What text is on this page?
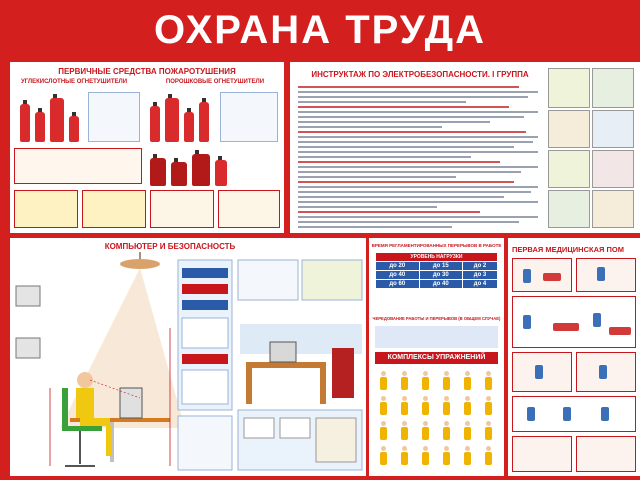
ОХРАНА ТРУДА
ПЕРВИЧНЫЕ СРЕДСТВА ПОЖАРОТУШЕНИЯ
УГЛЕКИСЛОТНЫЕ ОГНЕТУШИТЕЛИ	ПОРОШКОВЫЕ ОГНЕТУШИТЕЛИ
ИНСТРУКТАЖ ПО ЭЛЕКТРОБЕЗОПАСНОСТИ. I ГРУППА
КОМПЬЮТЕР И БЕЗОПАСНОСТЬ	ВРЕМЯ РЕГЛАМЕНТИРОВАННЫХ ПЕРЕРЫВОВ В РАБОТЕ
УРОВЕНЬ НАГРУЗКИ		
до 20	до 15	до 2
до 40	до 30	до 3
до 60	до 40	до 4
ЧЕРЕДОВАНИЕ РАБОТЫ И ПЕРЕРЫВОВ (В ОБЩЕМ СЛУЧАЕ)
КОМПЛЕКСЫ УПРАЖНЕНИЙ
ПЕРВАЯ МЕДИЦИНСКАЯ ПОМ
